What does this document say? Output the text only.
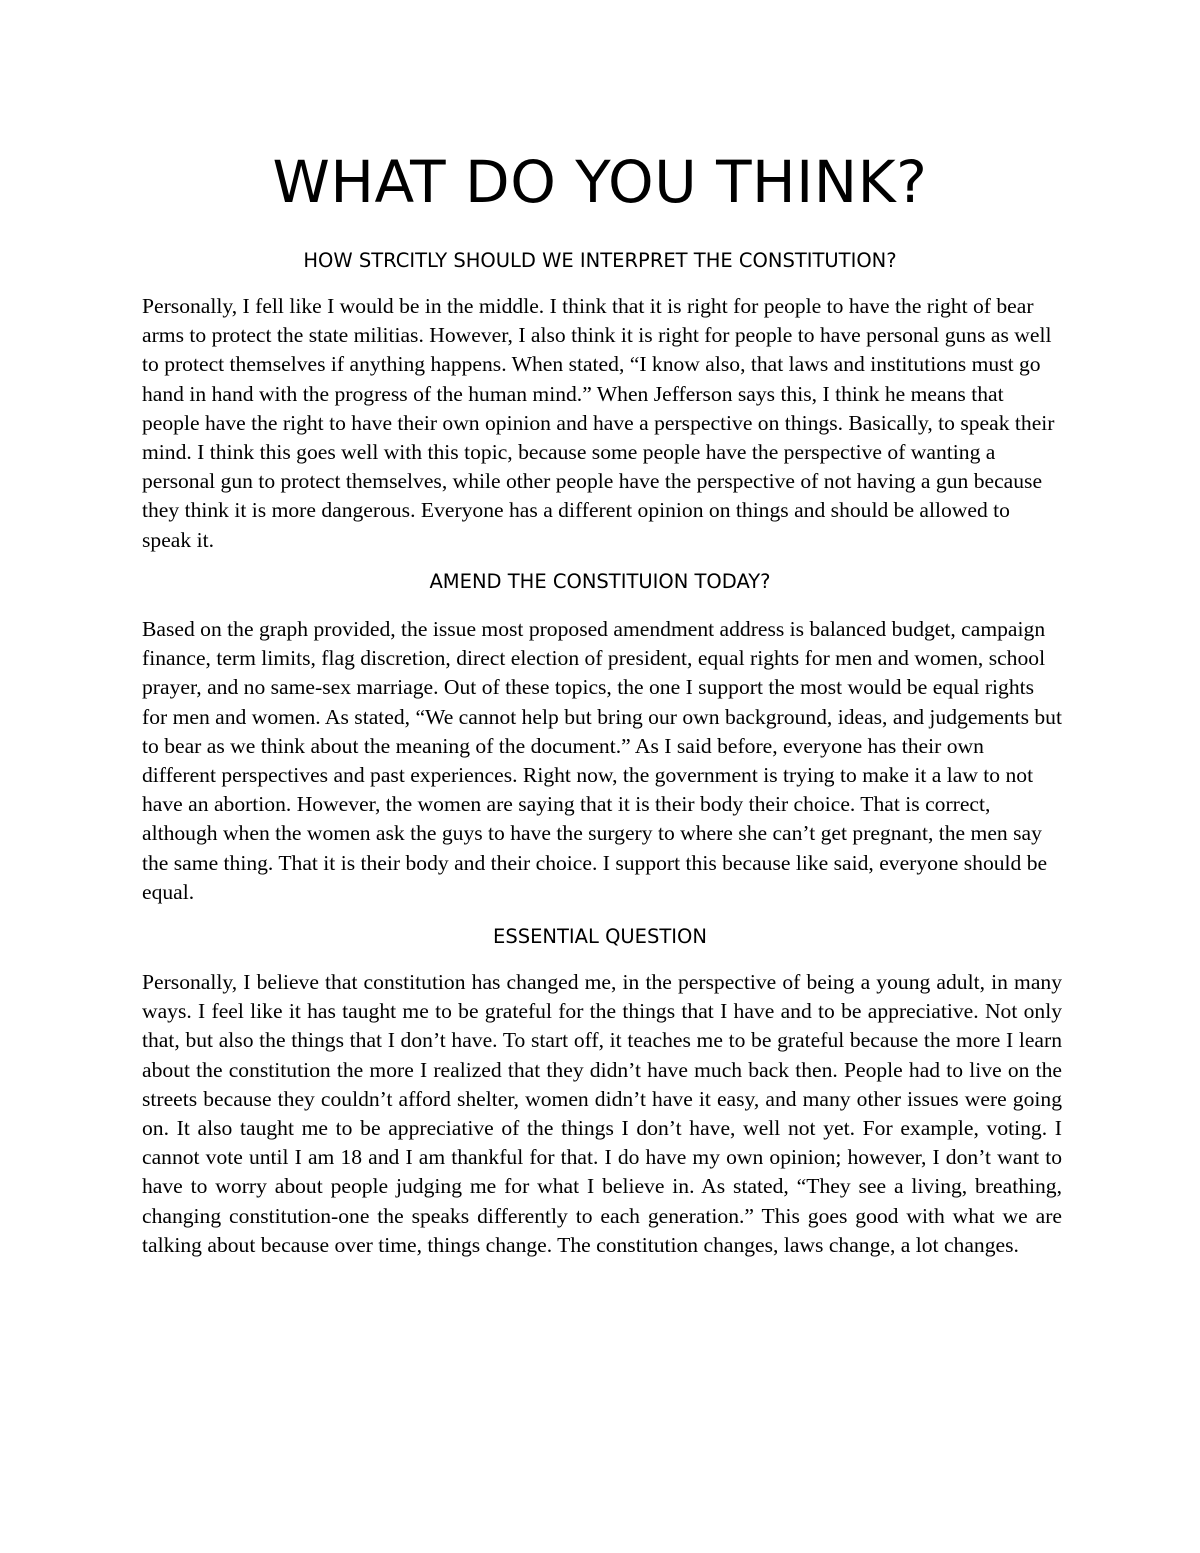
WHAT DO YOU THINK?
HOW STRCITLY SHOULD WE INTERPRET THE CONSTITUTION?

Personally, I fell like I would be in the middle. I think that it is right for people to have the right of bear arms to protect the state militias. However, I also think it is right for people to have personal guns as well to protect themselves if anything happens. When stated, “I know also, that laws and institutions must go hand in hand with the progress of the human mind.” When Jefferson says this, I think he means that people have the right to have their own opinion and have a perspective on things. Basically, to speak their mind. I think this goes well with this topic, because some people have the perspective of wanting a personal gun to protect themselves, while other people have the perspective of not having a gun because they think it is more dangerous. Everyone has a different opinion on things and should be allowed to speak it.

AMEND THE CONSTITUION TODAY?

Based on the graph provided, the issue most proposed amendment address is balanced budget, campaign finance, term limits, flag discretion, direct election of president, equal rights for men and women, school prayer, and no same-sex marriage. Out of these topics, the one I support the most would be equal rights for men and women. As stated, “We cannot help but bring our own background, ideas, and judgements but to bear as we think about the meaning of the document.” As I said before, everyone has their own different perspectives and past experiences. Right now, the government is trying to make it a law to not have an abortion. However, the women are saying that it is their body their choice. That is correct, although when the women ask the guys to have the surgery to where she can’t get pregnant, the men say the same thing. That it is their body and their choice. I support this because like said, everyone should be equal.

ESSENTIAL QUESTION

Personally, I believe that constitution has changed me, in the perspective of being a young adult, in many ways. I feel like it has taught me to be grateful for the things that I have and to be appreciative. Not only that, but also the things that I don’t have. To start off, it teaches me to be grateful because the more I learn about the constitution the more I realized that they didn’t have much back then. People had to live on the streets because they couldn’t afford shelter, women didn’t have it easy, and many other issues were going on. It also taught me to be appreciative of the things I don’t have, well not yet. For example, voting. I cannot vote until I am 18 and I am thankful for that. I do have my own opinion; however, I don’t want to have to worry about people judging me for what I believe in. As stated, “They see a living, breathing, changing constitution-one the speaks differently to each generation.” This goes good with what we are talking about because over time, things change. The constitution changes, laws change, a lot changes.
